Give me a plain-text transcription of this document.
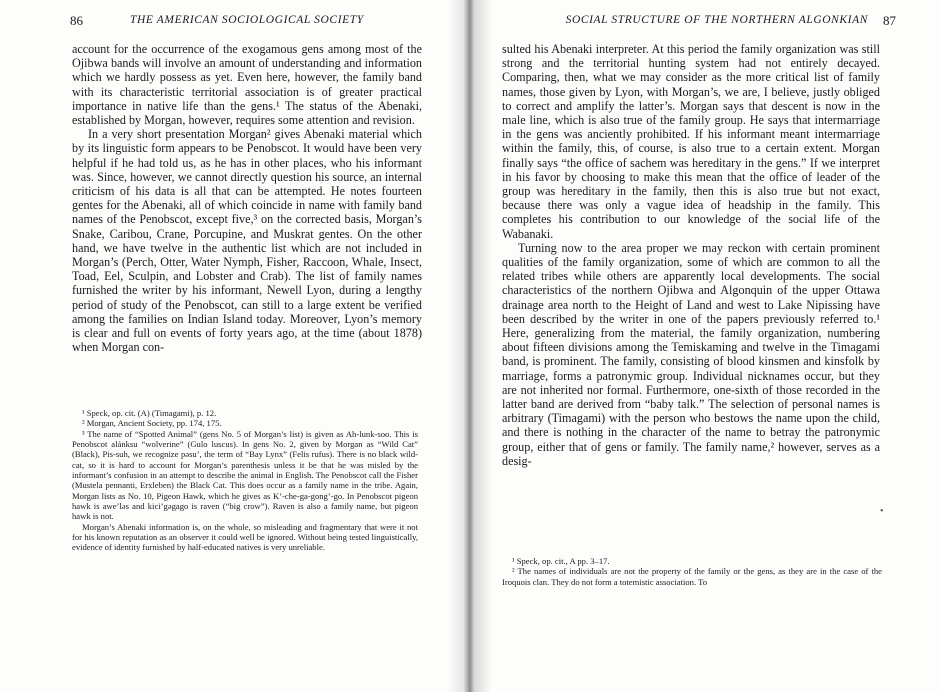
86	THE AMERICAN SOCIOLOGICAL SOCIETY

account for the occurrence of the exogamous gens among most of the Ojibwa bands will involve an amount of understanding and information which we hardly possess as yet. Even here, however, the family band with its characteristic territorial association is of greater practical importance in native life than the gens.¹ The status of the Abenaki, established by Morgan, however, requires some attention and revision.

In a very short presentation Morgan² gives Abenaki material which by its linguistic form appears to be Penobscot. It would have been very helpful if he had told us, as he has in other places, who his informant was. Since, however, we cannot directly question his source, an internal criticism of his data is all that can be attempted. He notes fourteen gentes for the Abenaki, all of which coincide in name with family band names of the Penobscot, except five,³ on the corrected basis, Morgan’s Snake, Caribou, Crane, Porcupine, and Muskrat gentes. On the other hand, we have twelve in the authentic list which are not included in Morgan’s (Perch, Otter, Water Nymph, Fisher, Raccoon, Whale, Insect, Toad, Eel, Sculpin, and Lobster and Crab). The list of family names furnished the writer by his informant, Newell Lyon, during a lengthy period of study of the Penobscot, can still to a large extent be verified among the families on Indian Island today. Moreover, Lyon’s memory is clear and full on events of forty years ago, at the time (about 1878) when Morgan con-

¹ Speck, op. cit. (A) (Timagami), p. 12.

² Morgan, Ancient Society, pp. 174, 175.

³ The name of “Spotted Animal” (gens No. 5 of Morgan’s list) is given as Ah-lunk-soo. This is Penobscot alánksu “wolverine” (Gulo luscus). In gens No. 2, given by Morgan as “Wild Cat” (Black), Pis-suh, we recognize pəsu’, the term of “Bay Lynx” (Felis rufus). There is no black wild-cat, so it is hard to account for Morgan’s parenthesis unless it be that he was misled by the informant’s confusion in an attempt to describe the animal in English. The Penobscot call the Fisher (Mustela pennanti, Erxleben) the Black Cat. This does occur as a family name in the tribe. Again, Morgan lists as No. 10, Pigeon Hawk, which he gives as K’-che-ga-gong’-go. In Penobscot pigeon hawk is awe’lәs and kici’gәgago is raven (“big crow”). Raven is also a family name, but pigeon hawk is not.

Morgan’s Abenaki information is, on the whole, so misleading and fragmentary that were it not for his known reputation as an observer it could well be ignored. Without being tested linguistically, evidence of identity furnished by half-educated natives is very unreliable.

SOCIAL STRUCTURE OF THE NORTHERN ALGONKIAN 87

sulted his Abenaki interpreter. At this period the family organization was still strong and the territorial hunting system had not entirely decayed. Comparing, then, what we may consider as the more critical list of family names, those given by Lyon, with Morgan’s, we are, I believe, justly obliged to correct and amplify the latter’s. Morgan says that descent is now in the male line, which is also true of the family group. He says that intermarriage in the gens was anciently prohibited. If his informant meant intermarriage within the family, this, of course, is also true to a certain extent. Morgan finally says “the office of sachem was hereditary in the gens.” If we interpret in his favor by choosing to make this mean that the office of leader of the group was hereditary in the family, then this is also true but not exact, because there was only a vague idea of headship in the family. This completes his contribution to our knowledge of the social life of the Wabanaki.

Turning now to the area proper we may reckon with certain prominent qualities of the family organization, some of which are common to all the related tribes while others are apparently local developments. The social characteristics of the northern Ojibwa and Algonquin of the upper Ottawa drainage area north to the Height of Land and west to Lake Nipissing have been described by the writer in one of the papers previously referred to.¹ Here, generalizing from the material, the family organization, numbering about fifteen divisions among the Temiskaming and twelve in the Timagami band, is prominent. The family, consisting of blood kinsmen and kinsfolk by marriage, forms a patronymic group. Individual nicknames occur, but they are not inherited nor formal. Furthermore, one-sixth of those recorded in the latter band are derived from “baby talk.” The selection of personal names is arbitrary (Timagami) with the person who bestows the name upon the child, and there is nothing in the character of the name to betray the patronymic group, either that of gens or family. The family name,² however, serves as a desig-

¹ Speck, op. cit., A pp. 3–17.

² The names of individuals are not the property of the family or the gens, as they are in the case of the Iroquois clan. They do not form a totemistic association. To

•
